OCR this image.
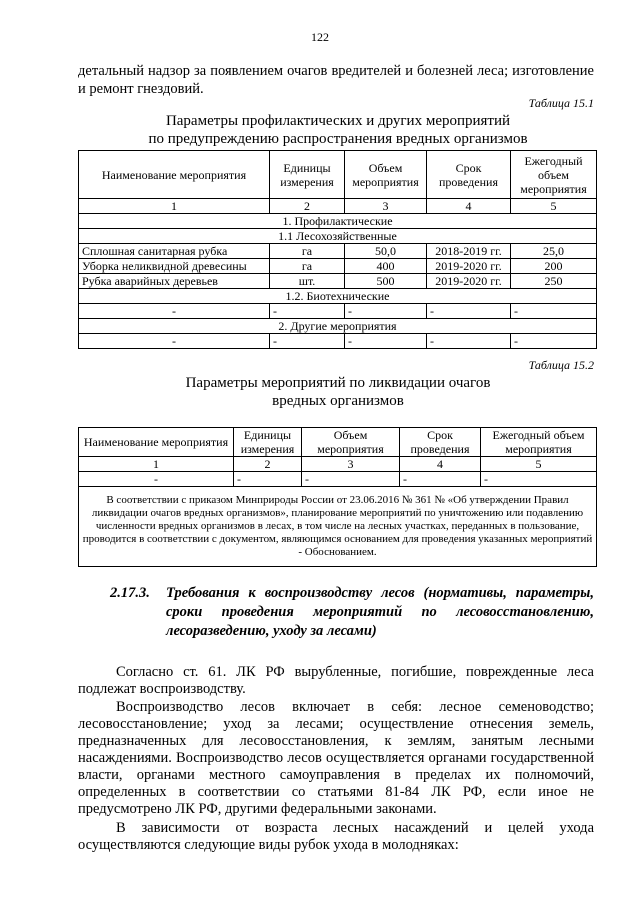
122
детальный надзор за появлением очагов вредителей и болезней леса; изготовление и ремонт гнездовий.
Таблица 15.1
Параметры профилактических и других мероприятий
по предупреждению распространения вредных организмов
Наименование мероприятия	Единицы измерения	Объем мероприятия	Срок проведения	Ежегодный объем мероприятия
1	2	3	4	5
1. Профилактические				
1.1 Лесохозяйственные				
Сплошная санитарная рубка	га	50,0	2018-2019 гг.	25,0
Уборка неликвидной древесины	га	400	2019-2020 гг.	200
Рубка аварийных деревьев	шт.	500	2019-2020 гг.	250
1.2. Биотехнические				
-	-	-	-	-
2. Другие мероприятия				
-	-	-	-	-
Таблица 15.2
Параметры мероприятий по ликвидации очагов
вредных организмов
Наименование мероприятия	Единицы измерения	Объем мероприятия	Срок проведения	Ежегодный объем мероприятия
1	2	3	4	5
-	-	-	-	-
В соответствии с приказом Минприроды России от 23.06.2016 № 361 № «Об утверждении Правил ликвидации очагов вредных организмов», планирование мероприятий по уничтожению или подавлению численности вредных организмов в лесах, в том числе на лесных участках, переданных в пользование, проводится в соответствии с документом, являющимся основанием для проведения указанных мероприятий - Обоснованием.				
2.17.3. Требования к воспроизводству лесов (нормативы, параметры, сроки проведения мероприятий по лесовосстановлению, лесоразведению, уходу за лесами)
Согласно ст. 61. ЛК РФ вырубленные, погибшие, поврежденные леса подлежат воспроизводству.
Воспроизводство лесов включает в себя: лесное семеноводство; лесовосстановление; уход за лесами; осуществление отнесения земель, предназначенных для лесовосстановления, к землям, занятым лесными насаждениями. Воспроизводство лесов осуществляется органами государственной власти, органами местного самоуправления в пределах их полномочий, определенных в соответствии со статьями 81-84 ЛК РФ, если иное не предусмотрено ЛК РФ, другими федеральными законами.
В зависимости от возраста лесных насаждений и целей ухода осуществляются следующие виды рубок ухода в молодняках:
